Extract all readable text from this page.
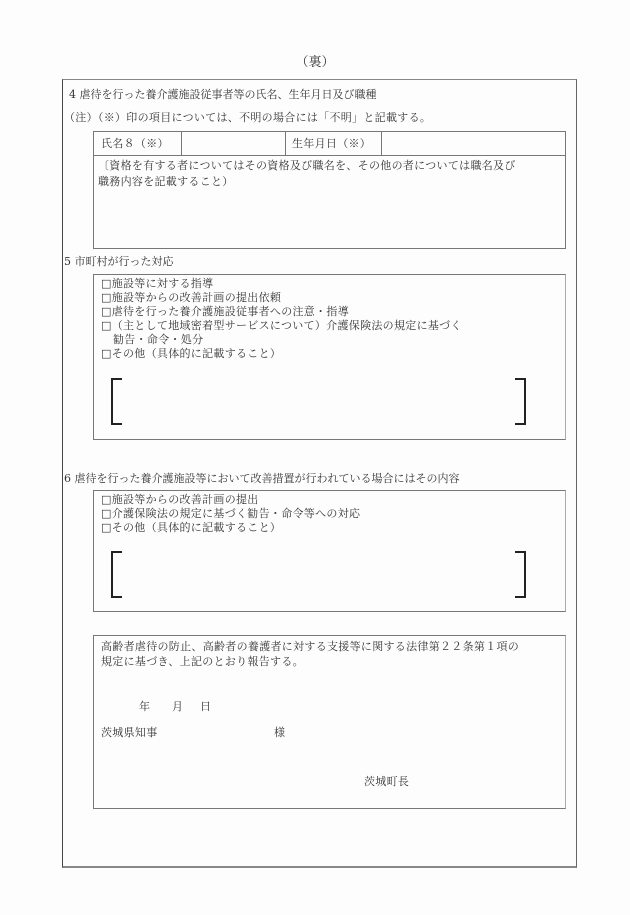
（裏）
4 虐待を行った養介護施設従事者等の氏名、生年月日及び職種
（注）（※）印の項目については、不明の場合には「不明」と記載する。
氏名８（※）	生年月日（※）
〔資格を有する者についてはその資格及び職名を、その他の者については職名及び
職務内容を記載すること）
5 市町村が行った対応
□施設等に対する指導
□施設等からの改善計画の提出依頼
□虐待を行った養介護施設従事者への注意・指導
□（主として地域密着型サービスについて）介護保険法の規定に基づく
勧告・命令・処分
□その他（具体的に記載すること）
6 虐待を行った養介護施設等において改善措置が行われている場合にはその内容
□施設等からの改善計画の提出
□介護保険法の規定に基づく勧告・命令等への対応
□その他（具体的に記載すること）
高齢者虐待の防止、高齢者の養護者に対する支援等に関する法律第２２条第１項の
規定に基づき、上記のとおり報告する。
年 月 日
茨城県知事	様
茨城町長
